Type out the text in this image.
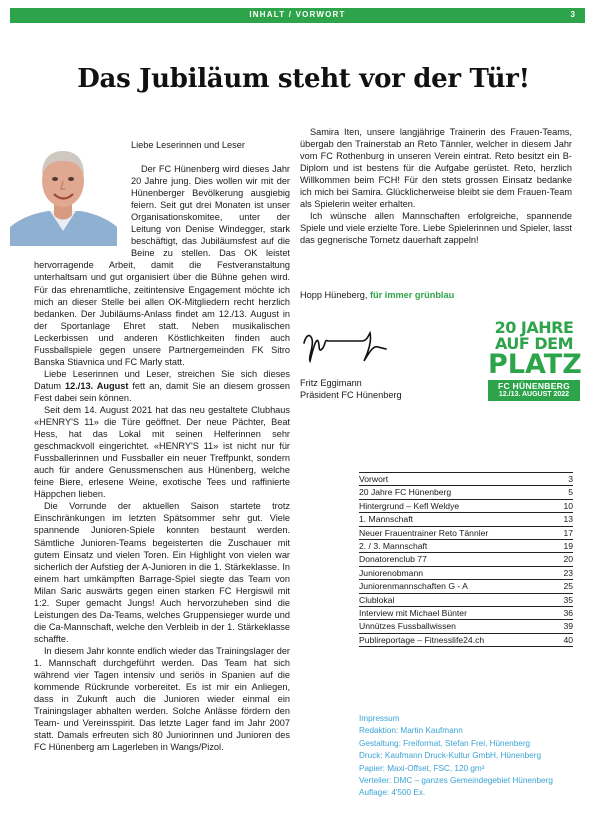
INHALT / VORWORT	3
Das Jubiläum steht vor der Tür!

Liebe Leserinnen und Leser

Der FC Hünenberg wird dieses Jahr 20 Jahre jung. Dies wollen wir mit der Hünenberger Bevölkerung ausgiebig feiern. Seit gut drei Monaten ist unser Organisationskomitee, unter der Leitung von Denise Windegger, stark beschäftigt, das Jubiläumsfest auf die Beine zu stellen. Das OK leistet hervorragende Arbeit, damit die Festveranstaltung unterhaltsam und gut organisiert über die Bühne gehen wird. Für das ehrenamtliche, zeitintensive Engagement möchte ich mich an dieser Stelle bei allen OK-Mitgliedern recht herzlich bedanken. Der Jubiläums-Anlass findet am 12./13. August in der Sportanlage Ehret statt. Neben musikalischen Leckerbissen und anderen Köstlichkeiten finden auch Fussballspiele gegen unsere Partnergemeinden FK Sitro Banska Stiavnica und FC Marly statt.

Liebe Leserinnen und Leser, streichen Sie sich dieses Datum 12./13. August fett an, damit Sie an diesem grossen Fest dabei sein können.

Seit dem 14. August 2021 hat das neu gestaltete Clubhaus «HENRY'S 11» die Türe geöffnet. Der neue Pächter, Beat Hess, hat das Lokal mit seinen Helferinnen sehr geschmackvoll eingerichtet. «HENRY'S 11» ist nicht nur für Fussballerinnen und Fussballer ein neuer Treffpunkt, sondern auch für andere Genussmenschen aus Hünenberg, welche feine Biere, erlesene Weine, exotische Tees und raffinierte Häppchen lieben.

Die Vorrunde der aktuellen Saison startete trotz Einschränkungen im letzten Spätsommer sehr gut. Viele spannende Junioren-Spiele konnten bestaunt werden. Sämtliche Junioren-Teams begeisterten die Zuschauer mit gutem Einsatz und vielen Toren. Ein Highlight von vielen war sicherlich der Aufstieg der A-Junioren in die 1. Stärkeklasse. In einem hart umkämpften Barrage-Spiel siegte das Team von Milan Saric auswärts gegen einen starken FC Hergiswil mit 1:2. Super gemacht Jungs! Auch hervorzuheben sind die Leistungen des Da-Teams, welches Gruppensieger wurde und die Ca-Mannschaft, welche den Verbleib in der 1. Stärkeklasse schaffte.

In diesem Jahr konnte endlich wieder das Trainingslager der 1. Mannschaft durchgeführt werden. Das Team hat sich während vier Tagen intensiv und seriös in Spanien auf die kommende Rückrunde vorbereitet. Es ist mir ein Anliegen, dass in Zukunft auch die Junioren wieder einmal ein Trainingslager abhalten werden. Solche Anlässe fördern den Team- und Vereinsspirit. Das letzte Lager fand im Jahr 2007 statt. Damals erfreuten sich 80 Juniorinnen und Junioren des FC Hünenberg am Lagerleben in Wangs/Pizol.

Samira Iten, unsere langjährige Trainerin des Frauen-Teams, übergab den Trainerstab an Reto Tännler, welcher in diesem Jahr vom FC Rothenburg in unseren Verein eintrat. Reto besitzt ein B-Diplom und ist bestens für die Aufgabe gerüstet. Reto, herzlich Willkommen beim FCH! Für den stets grossen Einsatz bedanke ich mich bei Samira. Glücklicherweise bleibt sie dem Frauen-Team als Spielerin weiter erhalten.

Ich wünsche allen Mannschaften erfolgreiche, spannende Spiele und viele erzielte Tore. Liebe Spielerinnen und Spieler, lasst das gegnerische Tornetz dauerhaft zappeln!

Hopp Hüneberg, für immer grünblau

Fritz Eggimann
Präsident FC Hünenberg
20 JAHRE
AUF DEM
PLATZ
FC HÜNENBERG
12./13. AUGUST 2022
Vorwort	3
20 Jahre FC Hünenberg	5
Hintergrund – Kefl Weldye	10
1. Mannschaft	13
Neuer Frauentrainer Reto Tännler	17
2. / 3. Mannschaft	19
Donatorenclub 77	20
Juniorenobmann	23
Juniorenmannschaften G - A	25
Clublokal	35
Interview mit Michael Bünter	36
Unnützes Fussballwissen	39
Publireportage – Fitnesslife24.ch	40
Impressum
Redaktion: Martin Kaufmann
Gestaltung: Freiformat, Stefan Frei, Hünenberg
Druck: Kaufmann Druck-Kultur GmbH, Hünenberg
Papier: Maxi-Offset, FSC, 120 gm²
Verteiler: DMC – ganzes Gemeindegebiet Hünenberg
Auflage: 4'500 Ex.
